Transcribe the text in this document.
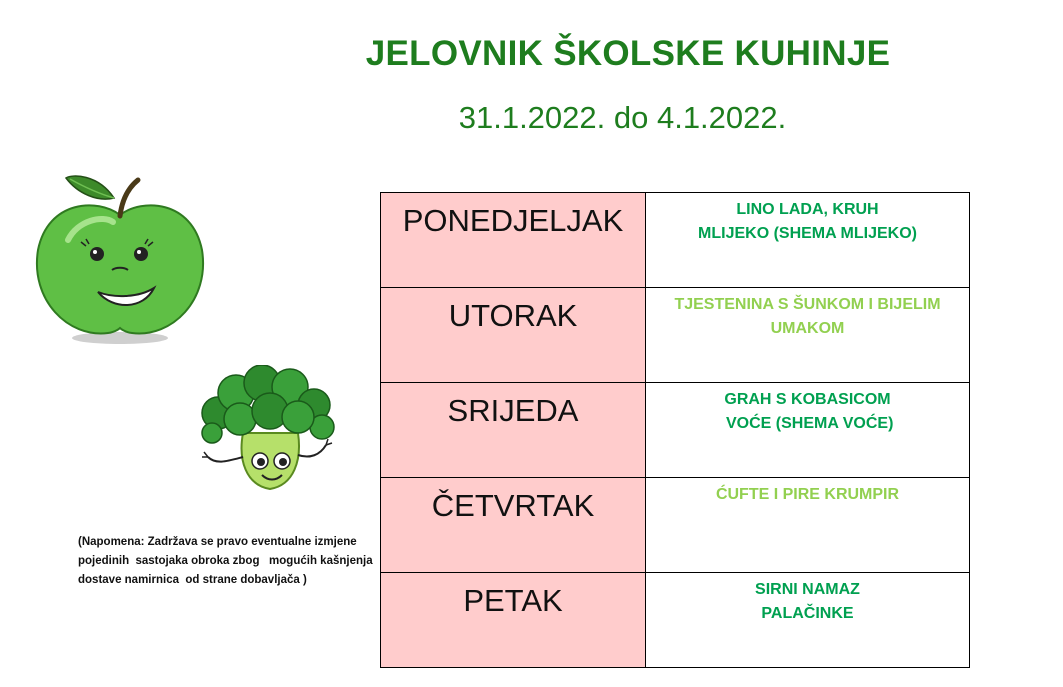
JELOVNIK ŠKOLSKE KUHINJE
31.1.2022. do 4.1.2022.
PONEDJELJAK	LINO LADA, KRUH
MLIJEKO (SHEMA MLIJEKO)

UTORAK	TJESTENINA S ŠUNKOM I BIJELIM
UMAKOM

SRIJEDA	GRAH S KOBASICOM
VOĆE (SHEMA VOĆE)

ČETVRTAK	ĆUFTE I PIRE KRUMPIR

PETAK	SIRNI NAMAZ
PALAČINKE
(Napomena: Zadržava se pravo eventualne izmjene
pojedinih  sastojaka obroka zbog   mogućih kašnjenja
dostave namirnica  od strane dobavljača )
